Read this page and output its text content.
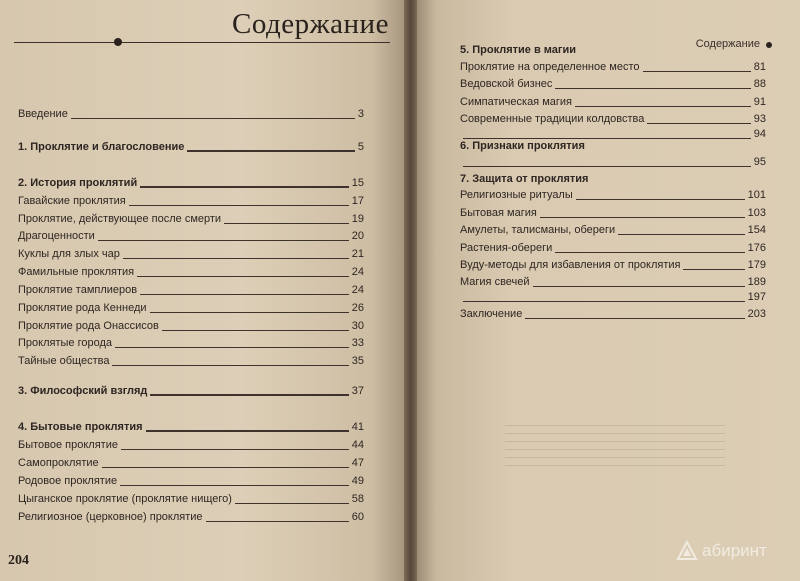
Содержание
Введение	3
1. Проклятие и благословение	5
2. История проклятий	15
Гавайские проклятия	17
Проклятие, действующее после смерти	19
Драгоценности	20
Куклы для злых чар	21
Фамильные проклятия	24
Проклятие тамплиеров	24
Проклятие рода Кеннеди	26
Проклятие рода Онассисов	30
Проклятые города	33
Тайные общества	35
3. Философский взгляд	37
4. Бытовые проклятия	41
Бытовое проклятие	44
Самопроклятие	47
Родовое проклятие	49
Цыганское проклятие (проклятие нищего)	58
Религиозное (церковное) проклятие	60
204
Содержание
5. Проклятие в магии
Проклятие на определенное место	81
Ведовской бизнес	88
Симпатическая магия	91
Современные традиции колдовства	93
94
6. Признаки проклятия
95
7. Защита от проклятия
Религиозные ритуалы	101
Бытовая магия	103
Амулеты, талисманы, обереги	154
Растения-обереги	176
Вуду-методы для избавления от проклятия	179
Магия свечей	189
197
Заключение	203
абиринт
